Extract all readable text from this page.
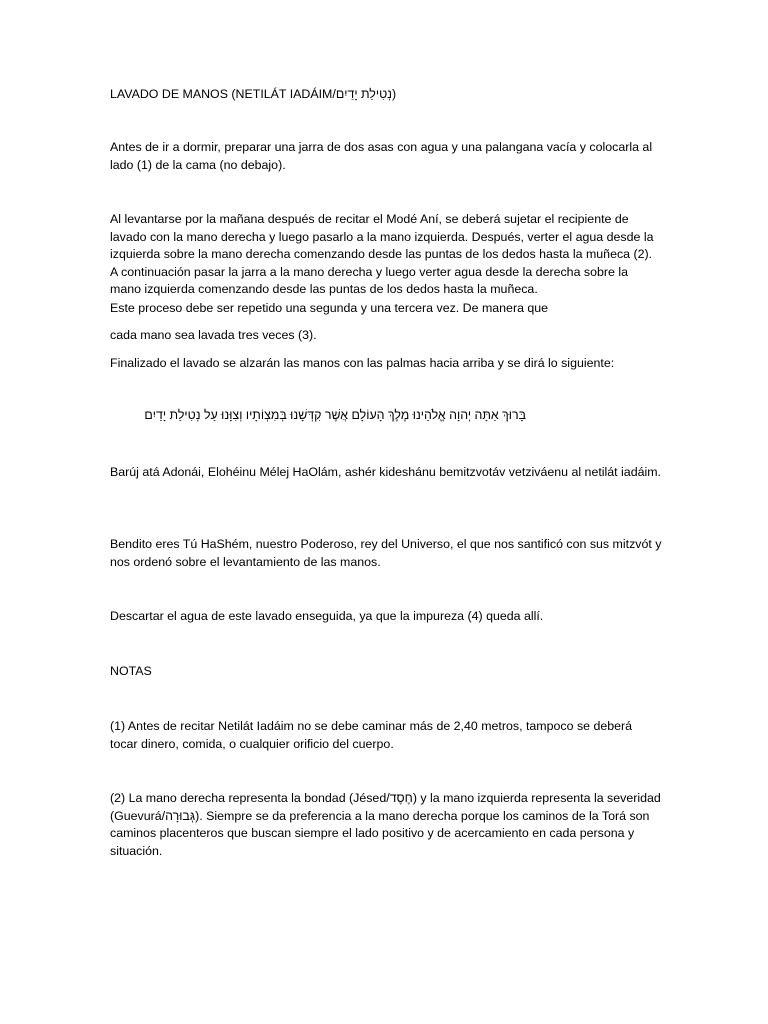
LAVADO DE MANOS (NETILÁT IADÁIM/נְטִילַת יָדַיִם)

Antes de ir a dormir, preparar una jarra de dos asas con agua y una palangana vacía y colocarla al lado (1) de la cama (no debajo).

Al levantarse por la mañana después de recitar el Modé Aní, se deberá sujetar el recipiente de lavado con la mano derecha y luego pasarlo a la mano izquierda. Después, verter el agua desde la izquierda sobre la mano derecha comenzando desde las puntas de los dedos hasta la muñeca (2). A continuación pasar la jarra a la mano derecha y luego verter agua desde la derecha sobre la mano izquierda comenzando desde las puntas de los dedos hasta la muñeca.

Este proceso debe ser repetido una segunda y una tercera vez. De manera que

cada mano sea lavada tres veces (3).

Finalizado el lavado se alzarán las manos con las palmas hacia arriba y se dirá lo siguiente:

בָּרוּךְ אַתָּה יְהוָה אֱלֹהֵינוּ מֶלֶךְ הָעוֹלָם אֲשֶׁר קִדְּשָׁנוּ בְּמִצְוֹתָיו וְצִוָּנוּ עַל נְטִילַת יָדַיִם

Barúj atá Adonái, Elohéinu Mélej HaOlám, ashér kideshánu bemitzvotáv vetziváenu al netilát iadáim.

Bendito eres Tú HaShém, nuestro Poderoso, rey del Universo, el que nos santificó con sus mitzvót y nos ordenó sobre el levantamiento de las manos.

Descartar el agua de este lavado enseguida, ya que la impureza (4) queda allí.

NOTAS

(1) Antes de recitar Netilát Iadáim no se debe caminar más de 2,40 metros, tampoco se deberá tocar dinero, comida, o cualquier orificio del cuerpo.

(2) La mano derecha representa la bondad (Jésed/חֶסֶד) y la mano izquierda representa la severidad (Guevurá/גְּבוּרָה). Siempre se da preferencia a la mano derecha porque los caminos de la Torá son caminos placenteros que buscan siempre el lado positivo y de acercamiento en cada persona y situación.
